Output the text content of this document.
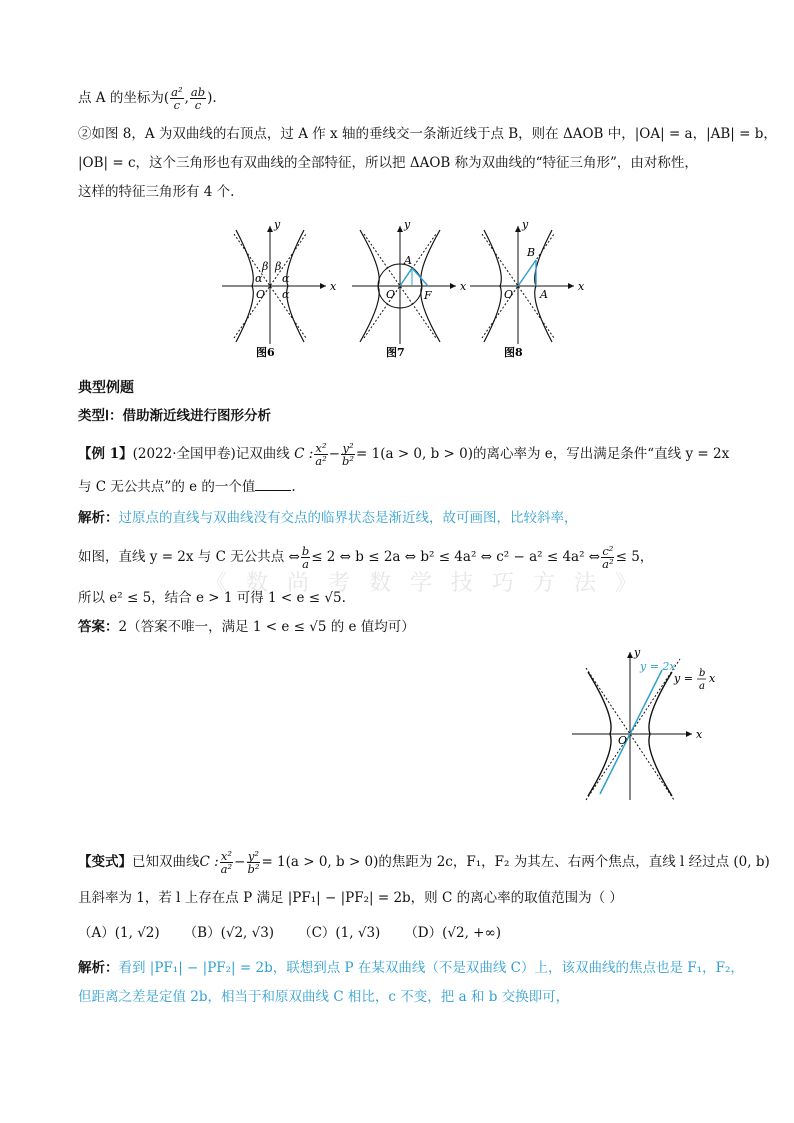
点 A 的坐标为( $\frac{\text{a²}}{c}$ , $\frac{ab}{c}$ ).
②如图 8，A 为双曲线的右顶点，过 A 作 x 轴的垂线交一条渐近线于点 B，则在 ΔAOB 中，|OA| = a，|AB| = b，
|OB| = c，这个三角形也有双曲线的全部特征，所以把 ΔAOB 称为双曲线的“特征三角形”，由对称性，
这样的特征三角形有 4 个.
x
y
O
α α
α
β β
图6
x
y
O
A
F
图7
x
y
O
B
A
图8
典型例题
类型Ⅰ：借助渐近线进行图形分析
【例 1】(2022·全国甲卷)记双曲线 C : $\frac{\text{x²}}{\text{a²}} - \frac{\text{y²}}{\text{b²}} = 1(a > 0$, b > 0)的离心率为 e，写出满足条件“直线 y = 2x
与 C 无公共点”的 e 的一个值	.
解析：过原点的直线与双曲线没有交点的临界状态是渐近线，故可画图，比较斜率，
如图，直线 y = 2x 与 C 无公共点 ⇔ $\frac{b}{a} \le 2$ ⇔ b ≤ 2a ⇔ b² ≤ 4a² ⇔ c² − a² ≤ 4a² ⇔ $\frac{\text{c²}}{\text{a²}} \le 5$，
《 数 尚 考 数 学 技 巧 方 法 》
所以 e² ≤ 5，结合 e > 1 可得 1 < e ≤ √5.
答案：2（答案不唯一，满足 1 < e ≤ √5 的 e 值均可）
x
y
O
y = 2x
y = b
a
x
【变式】已知双曲线C : $\frac{\text{x²}}{\text{a²}} - \frac{\text{y²}}{\text{b²}} = 1(a > 0$, b > 0)的焦距为 2c，F₁，F₂ 为其左、右两个焦点，直线 l 经过点 (0, b)
且斜率为 1，若 l 上存在点 P 满足 |PF₁| − |PF₂| = 2b，则 C 的离心率的取值范围为（ ）
（A）(1, √2) （B）(√2, √3) （C）(1, √3) （D）(√2, +∞)
解析：看到 |PF₁| − |PF₂| = 2b，联想到点 P 在某双曲线（不是双曲线 C）上，该双曲线的焦点也是 F₁，F₂，
但距离之差是定值 2b，相当于和原双曲线 C 相比，c 不变，把 a 和 b 交换即可，
